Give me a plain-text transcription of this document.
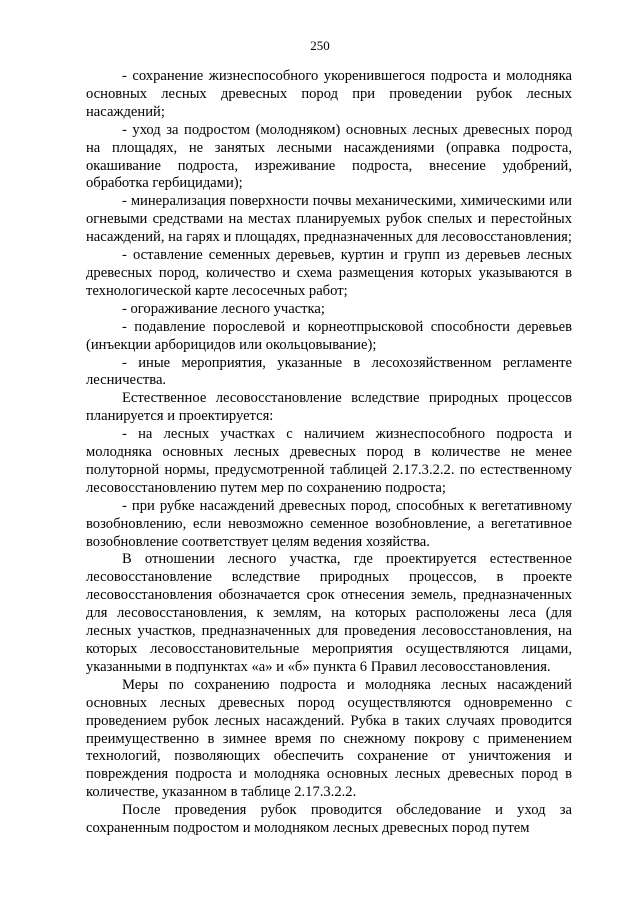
250

- сохранение жизнеспособного укоренившегося подроста и молодняка основных лесных древесных пород при проведении рубок лесных насаждений;

- уход за подростом (молодняком) основных лесных древесных пород на площадях, не занятых лесными насаждениями (оправка подроста, окашивание подроста, изреживание подроста, внесение удобрений, обработка гербицидами);

- минерализация поверхности почвы механическими, химическими или огневыми средствами на местах планируемых рубок спелых и перестойных насаждений, на гарях и площадях, предназначенных для лесовосстановления;

- оставление семенных деревьев, куртин и групп из деревьев лесных древесных пород, количество и схема размещения которых указываются в технологической карте лесосечных работ;

- огораживание лесного участка;

- подавление порослевой и корнеотпрысковой способности деревьев (инъекции арборицидов или окольцовывание);

- иные мероприятия, указанные в лесохозяйственном регламенте лесничества.

Естественное лесовосстановление вследствие природных процессов планируется и проектируется:

- на лесных участках с наличием жизнеспособного подроста и молодняка основных лесных древесных пород в количестве не менее полуторной нормы, предусмотренной таблицей 2.17.3.2.2. по естественному лесовосстановлению путем мер по сохранению подроста;

- при рубке насаждений древесных пород, способных к вегетативному возобновлению, если невозможно семенное возобновление, а вегетативное возобновление соответствует целям ведения хозяйства.

В отношении лесного участка, где проектируется естественное лесовосстановление вследствие природных процессов, в проекте лесовосстановления обозначается срок отнесения земель, предназначенных для лесовосстановления, к землям, на которых расположены леса (для лесных участков, предназначенных для проведения лесовосстановления, на которых лесовосстановительные мероприятия осуществляются лицами, указанными в подпунктах «а» и «б» пункта 6 Правил лесовосстановления.

Меры по сохранению подроста и молодняка лесных насаждений основных лесных древесных пород осуществляются одновременно с проведением рубок лесных насаждений. Рубка в таких случаях проводится преимущественно в зимнее время по снежному покрову с применением технологий, позволяющих обеспечить сохранение от уничтожения и повреждения подроста и молодняка основных лесных древесных пород в количестве, указанном в таблице 2.17.3.2.2.

После проведения рубок проводится обследование и уход за сохраненным подростом и молодняком лесных древесных пород путем
